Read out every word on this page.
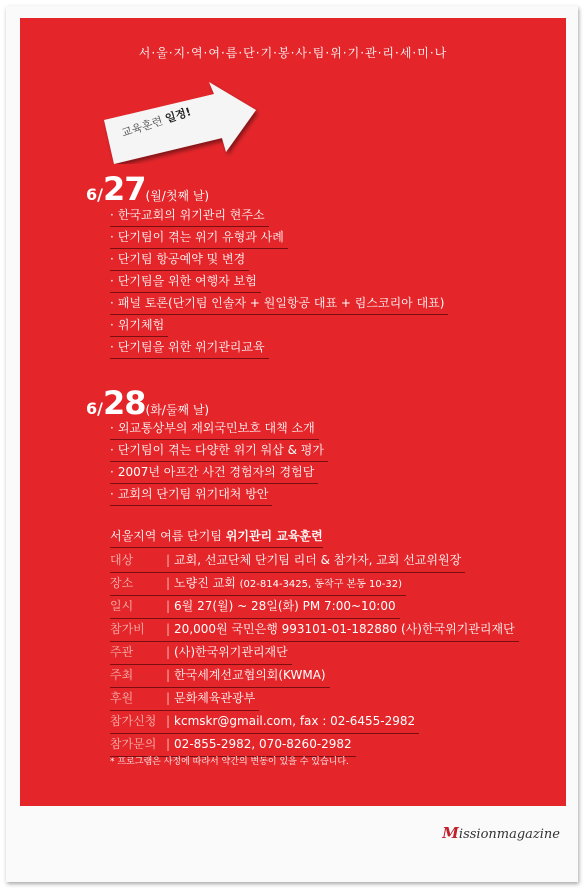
서·울·지·역·여·름·단·기·봉·사·팀·위·기·관·리·세·미·나
교육훈련 일정!
6/27(월/첫째 날)
· 한국교회의 위기관리 현주소
· 단기팀이 겪는 위기 유형과 사례
· 단기팀 항공예약 및 변경
· 단기팀을 위한 여행자 보험
· 패널 토론(단기팀 인솔자 + 원일항공 대표 + 림스코리아 대표)
· 위기체험
· 단기팀을 위한 위기관리교육
6/28(화/둘째 날)
· 외교통상부의 재외국민보호 대책 소개
· 단기팀이 겪는 다양한 위기 워삽 & 평가
· 2007년 아프간 사건 경험자의 경험담
· 교회의 단기팀 위기대처 방안
서울지역 여름 단기팀 위기관리 교육훈련
대상	| 교회, 선교단체 단기팀 리더 & 참가자, 교회 선교위원장
장소	| 노량진 교회 (02-814-3425, 동작구 본동 10-32)
일시	| 6월 27(월) ~ 28일(화) PM 7:00~10:00
참가비 | 20,000원 국민은행 993101-01-182880 (사)한국위기관리재단
주관	| (사)한국위기관리재단
주최	| 한국세계선교협의회(KWMA)
후원	| 문화체육관광부
참가신청 | kcmskr@gmail.com, fax : 02-6455-2982
참가문의 | 02-855-2982, 070-8260-2982
* 프로그램은 사정에 따라서 약간의 변동이 있을 수 있습니다.
Missionmagazine
